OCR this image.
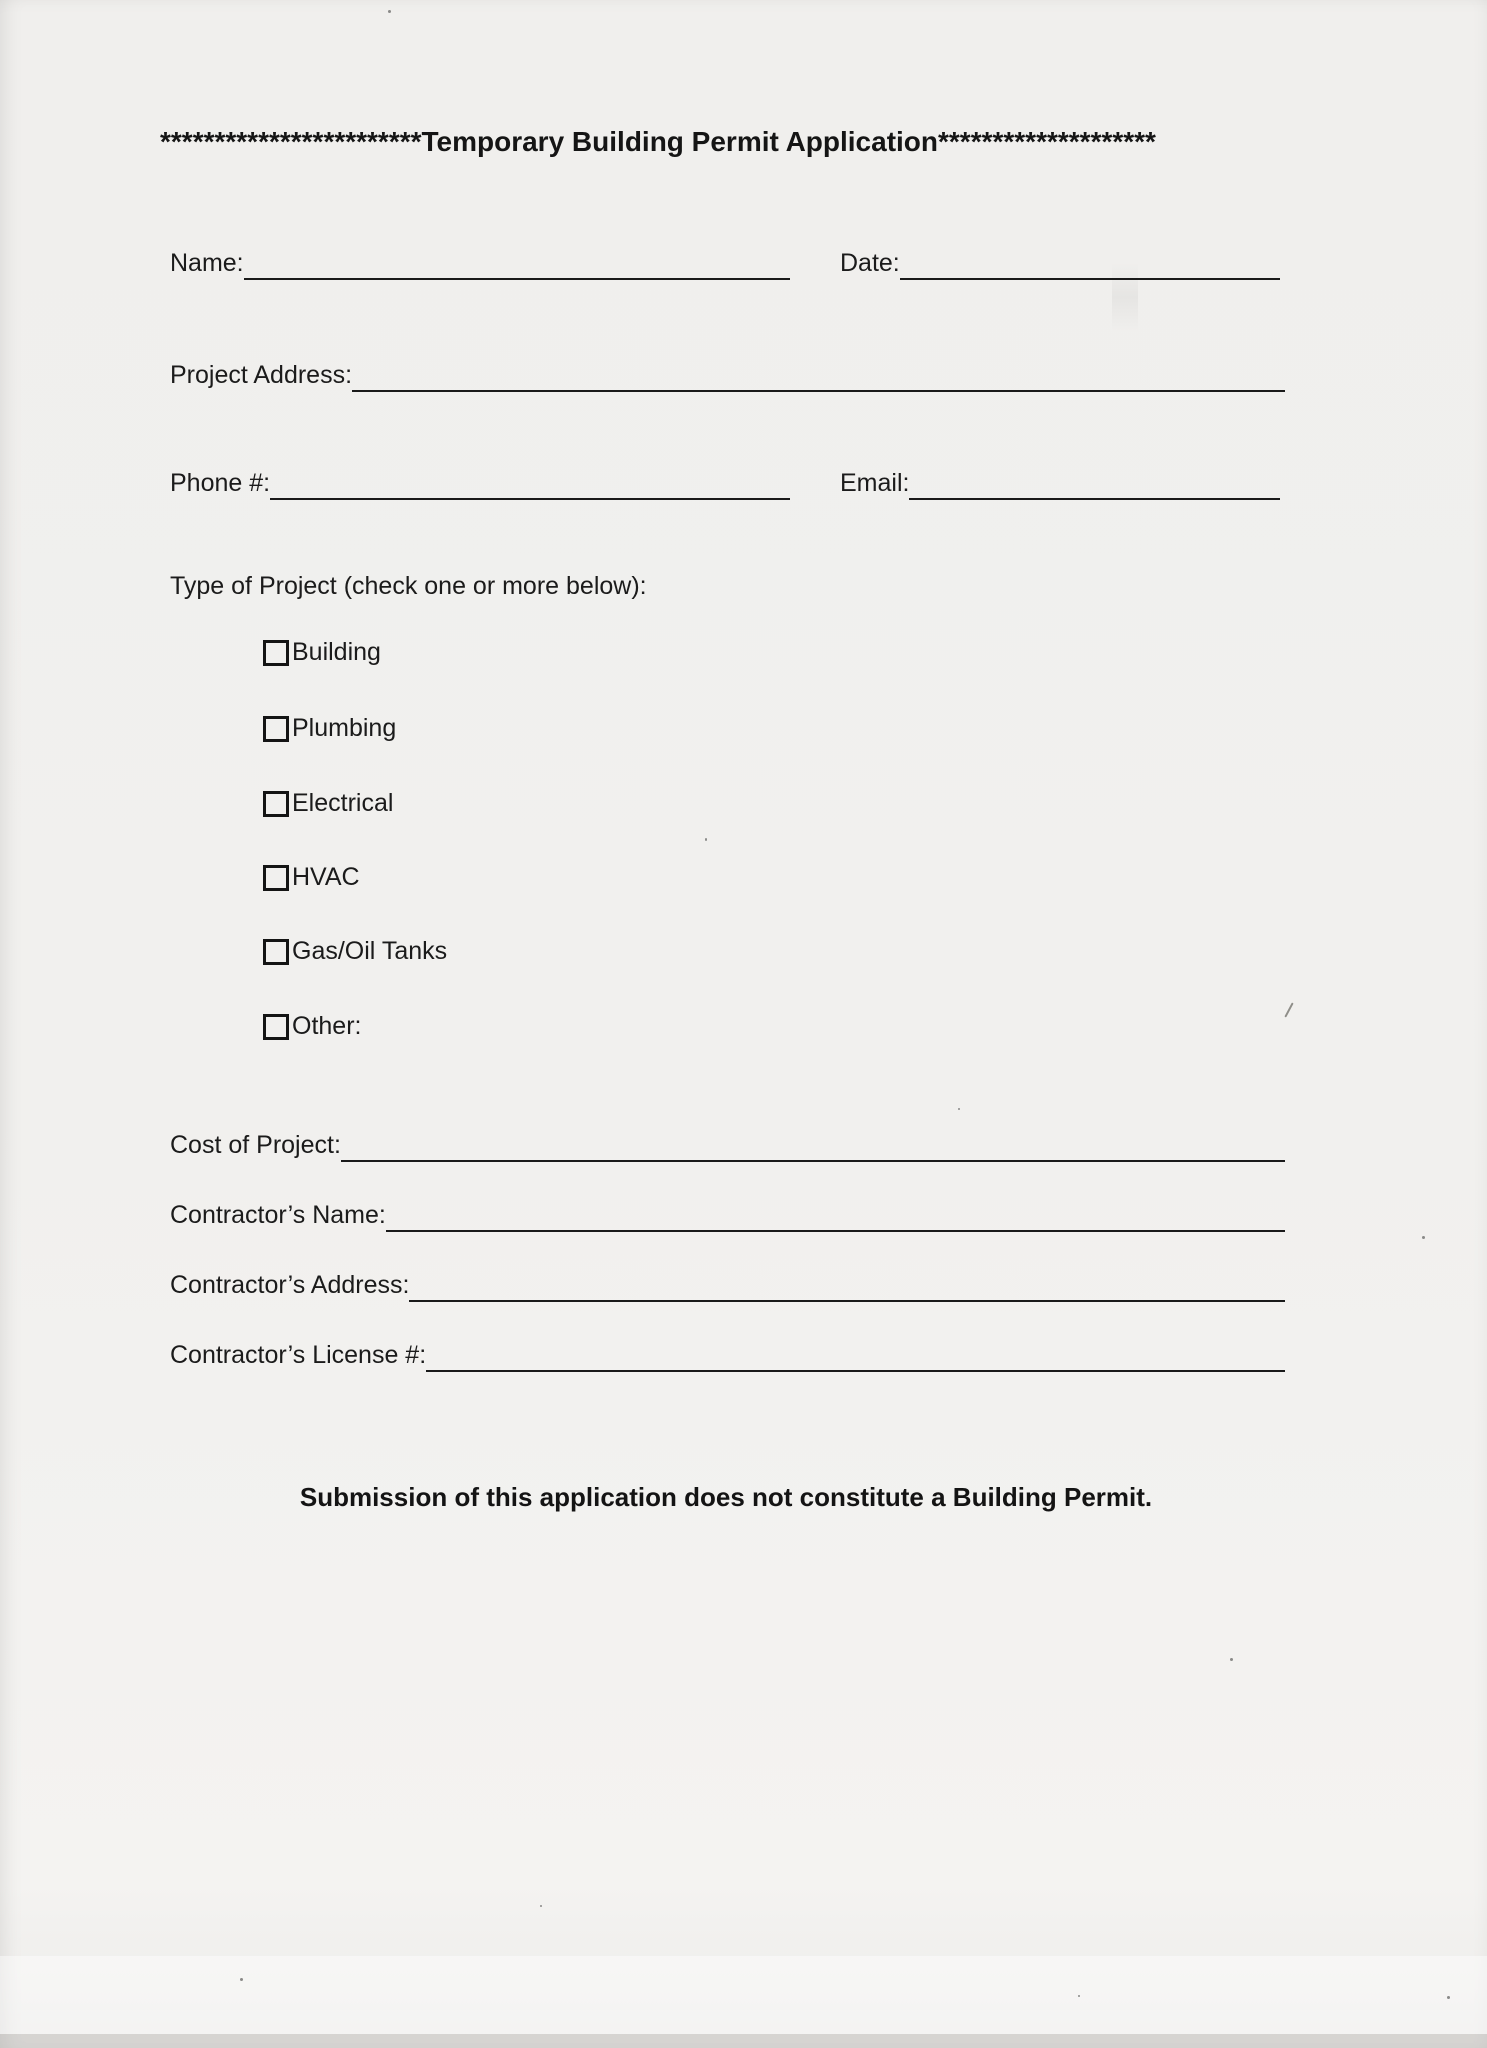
************************Temporary Building Permit Application********************
Name:	Date:
Project Address:
Phone #:	Email:
Type of Project (check one or more below):
Building
Plumbing
Electrical
HVAC
Gas/Oil Tanks
Other:
Cost of Project:
Contractor’s Name:
Contractor’s Address:
Contractor’s License #:
Submission of this application does not constitute a Building Permit.
